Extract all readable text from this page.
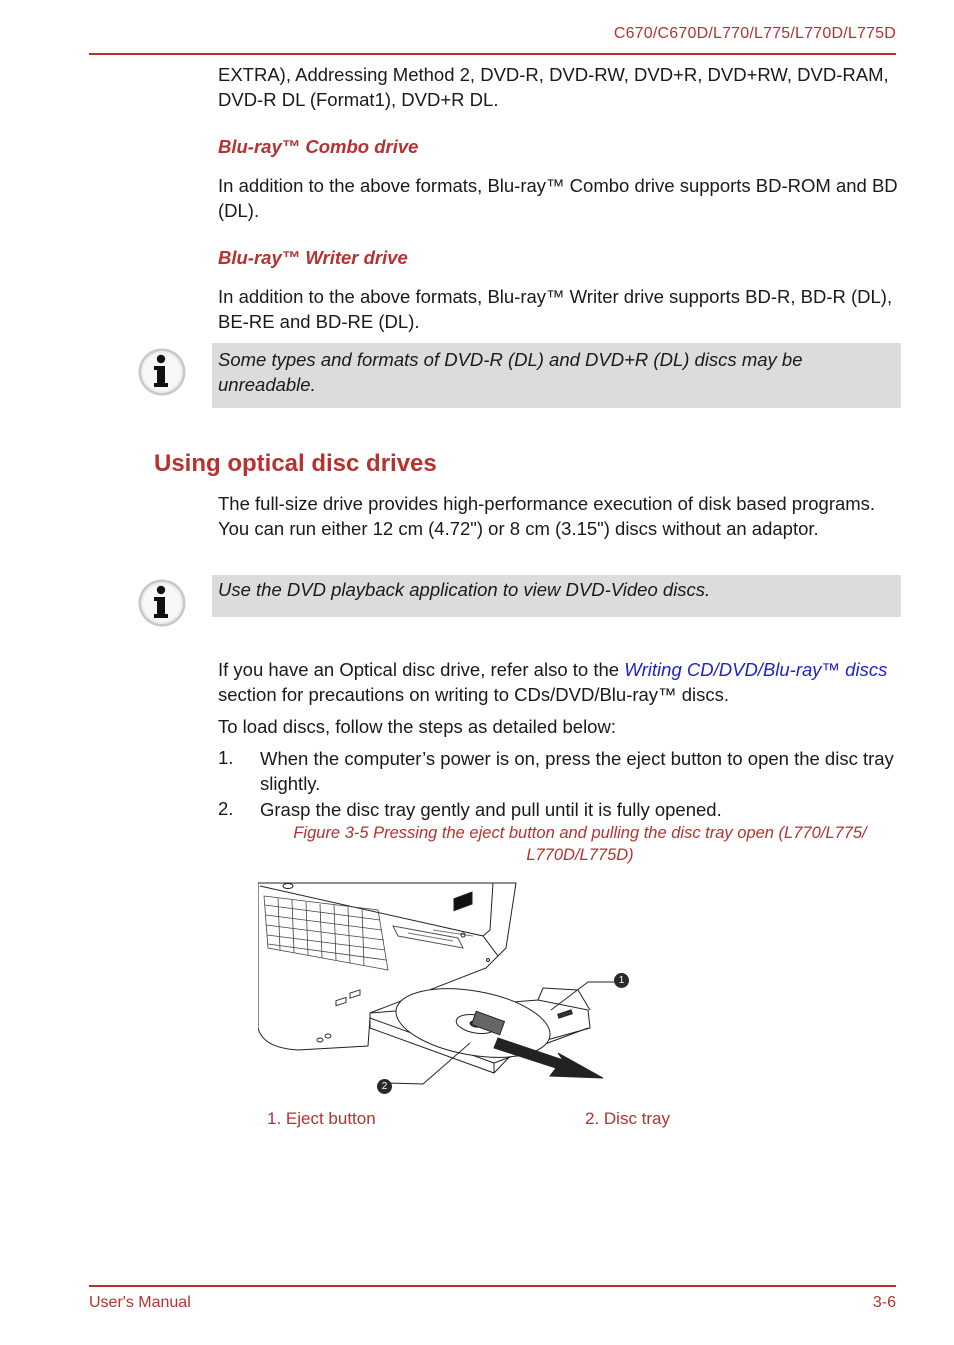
C670/C670D/L770/L775/L770D/L775D
EXTRA), Addressing Method 2, DVD-R, DVD-RW, DVD+R, DVD+RW, DVD-RAM, DVD-R DL (Format1), DVD+R DL.
Blu-ray™ Combo drive
In addition to the above formats, Blu-ray™ Combo drive supports BD-ROM and BD (DL).
Blu-ray™ Writer drive
In addition to the above formats, Blu-ray™ Writer drive supports BD-R, BD-R (DL), BE-RE and BD-RE (DL).
Some types and formats of DVD-R (DL) and DVD+R (DL) discs may be unreadable.
Using optical disc drives
The full-size drive provides high-performance execution of disk based programs. You can run either 12 cm (4.72") or 8 cm (3.15") discs without an adaptor.
Use the DVD playback application to view DVD-Video discs.
If you have an Optical disc drive, refer also to the Writing CD/DVD/Blu-ray™ discs section for precautions on writing to CDs/DVD/Blu-ray™ discs.
To load discs, follow the steps as detailed below:
1. When the computer’s power is on, press the eject button to open the disc tray slightly.
2. Grasp the disc tray gently and pull until it is fully opened.
Figure 3-5 Pressing the eject button and pulling the disc tray open (L770/L775/ L770D/L775D)
1
2
1. Eject button	2. Disc tray
User's Manual	3-6
